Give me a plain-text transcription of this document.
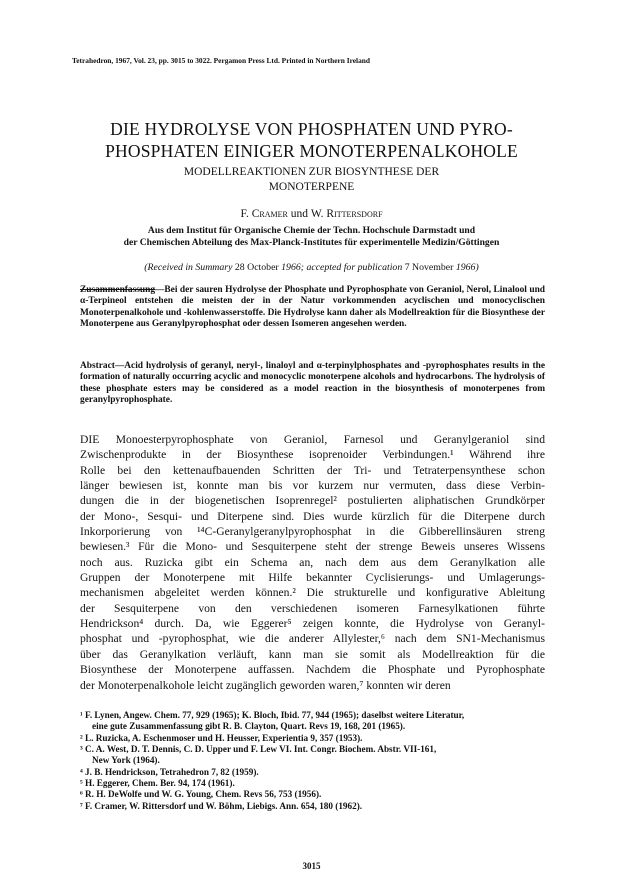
Tetrahedron, 1967, Vol. 23, pp. 3015 to 3022. Pergamon Press Ltd. Printed in Northern Ireland
DIE HYDROLYSE VON PHOSPHATEN UND PYRO-
PHOSPHATEN EINIGER MONOTERPENALKOHOLE
MODELLREAKTIONEN ZUR BIOSYNTHESE DER
MONOTERPENE
F. Cramer und W. Rittersdorf
Aus dem Institut für Organische Chemie der Techn. Hochschule Darmstadt und
der Chemischen Abteilung des Max-Planck-Institutes für experimentelle Medizin/Göttingen
(Received in Summary 28 October 1966; accepted for publication 7 November 1966)
Zusammenfassung—Bei der sauren Hydrolyse der Phosphate und Pyrophosphate von Geraniol, Nerol, Linalool und α-Terpineol entstehen die meisten der in der Natur vorkommenden acyclischen und monocyclischen Monoterpenalkohole und -kohlenwasserstoffe. Die Hydrolyse kann daher als Modellreaktion für die Biosynthese der Monoterpene aus Geranylpyrophosphat oder dessen Isomeren angesehen werden.
Abstract—Acid hydrolysis of geranyl, neryl-, linaloyl and α-terpinylphosphates and -pyrophosphates results in the formation of naturally occurring acyclic and monocyclic monoterpene alcohols and hydrocarbons. The hydrolysis of these phosphate esters may be considered as a model reaction in the biosynthesis of monoterpenes from geranylpyrophosphate.
DIE Monoesterpyrophosphate von Geraniol, Farnesol und Geranylgeraniol sind
Zwischenprodukte in der Biosynthese isoprenoider Verbindungen.¹ Während ihre
Rolle bei den kettenaufbauenden Schritten der Tri- und Tetraterpensynthese schon
länger bewiesen ist, konnte man bis vor kurzem nur vermuten, dass diese Verbin-
dungen die in der biogenetischen Isoprenregel² postulierten aliphatischen Grundkörper
der Mono-, Sesqui- und Diterpene sind. Dies wurde kürzlich für die Diterpene durch
Inkorporierung von ¹⁴C-Geranylgeranylpyrophosphat in die Gibberellinsäuren streng
bewiesen.³ Für die Mono- und Sesquiterpene steht der strenge Beweis unseres Wissens
noch aus. Ruzicka gibt ein Schema an, nach dem aus dem Geranylkation alle
Gruppen der Monoterpene mit Hilfe bekannter Cyclisierungs- und Umlagerungs-
mechanismen abgeleitet werden können.² Die strukturelle und konfigurative Ableitung
der Sesquiterpene von den verschiedenen isomeren Farnesylkationen führte
Hendrickson⁴ durch. Da, wie Eggerer⁵ zeigen konnte, die Hydrolyse von Geranyl-
phosphat und -pyrophosphat, wie die anderer Allylester,⁶ nach dem SN1-Mechanismus
über das Geranylkation verläuft, kann man sie somit als Modellreaktion für die
Biosynthese der Monoterpene auffassen. Nachdem die Phosphate und Pyrophosphate
der Monoterpenalkohole leicht zugänglich geworden waren,⁷ konnten wir deren
¹ F. Lynen, Angew. Chem. 77, 929 (1965); K. Bloch, Ibid. 77, 944 (1965); daselbst weitere Literatur,
eine gute Zusammenfassung gibt R. B. Clayton, Quart. Revs 19, 168, 201 (1965).
² L. Ruzicka, A. Eschenmoser und H. Heusser, Experientia 9, 357 (1953).
³ C. A. West, D. T. Dennis, C. D. Upper und F. Lew VI. Int. Congr. Biochem. Abstr. VII-161,
New York (1964).
⁴ J. B. Hendrickson, Tetrahedron 7, 82 (1959).
⁵ H. Eggerer, Chem. Ber. 94, 174 (1961).
⁶ R. H. DeWolfe und W. G. Young, Chem. Revs 56, 753 (1956).
⁷ F. Cramer, W. Rittersdorf und W. Böhm, Liebigs. Ann. 654, 180 (1962).
3015
